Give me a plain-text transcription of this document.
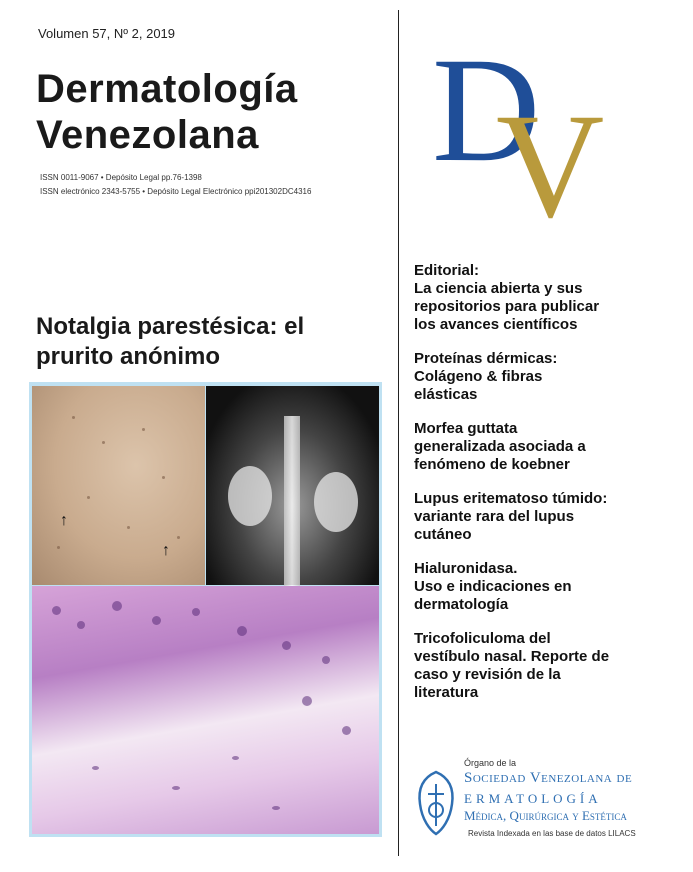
Volumen 57, Nº 2, 2019
Dermatología
Venezolana
ISSN 0011-9067 • Depósito Legal pp.76-1398
ISSN electrónico 2343-5755 • Depósito Legal Electrónico ppi201302DC4316 D
V
Notalgia parestésica: el
prurito anónimo
↑
↑
Editorial:
La ciencia abierta y sus
repositorios para publicar
los avances científicos
Proteínas dérmicas:
Colágeno & fibras
elásticas
Morfea guttata
generalizada asociada a
fenómeno de koebner
Lupus eritematoso túmido:
variante rara del lupus
cutáneo
Hialuronidasa.
Uso e indicaciones en
dermatología
Tricofoliculoma del
vestíbulo nasal. Reporte de
caso y revisión de la
literatura
Órgano de la
Sociedad Venezolana de
ermatología
Médica, Quirúrgica y Estética
Revista Indexada en las base de datos LILACS
